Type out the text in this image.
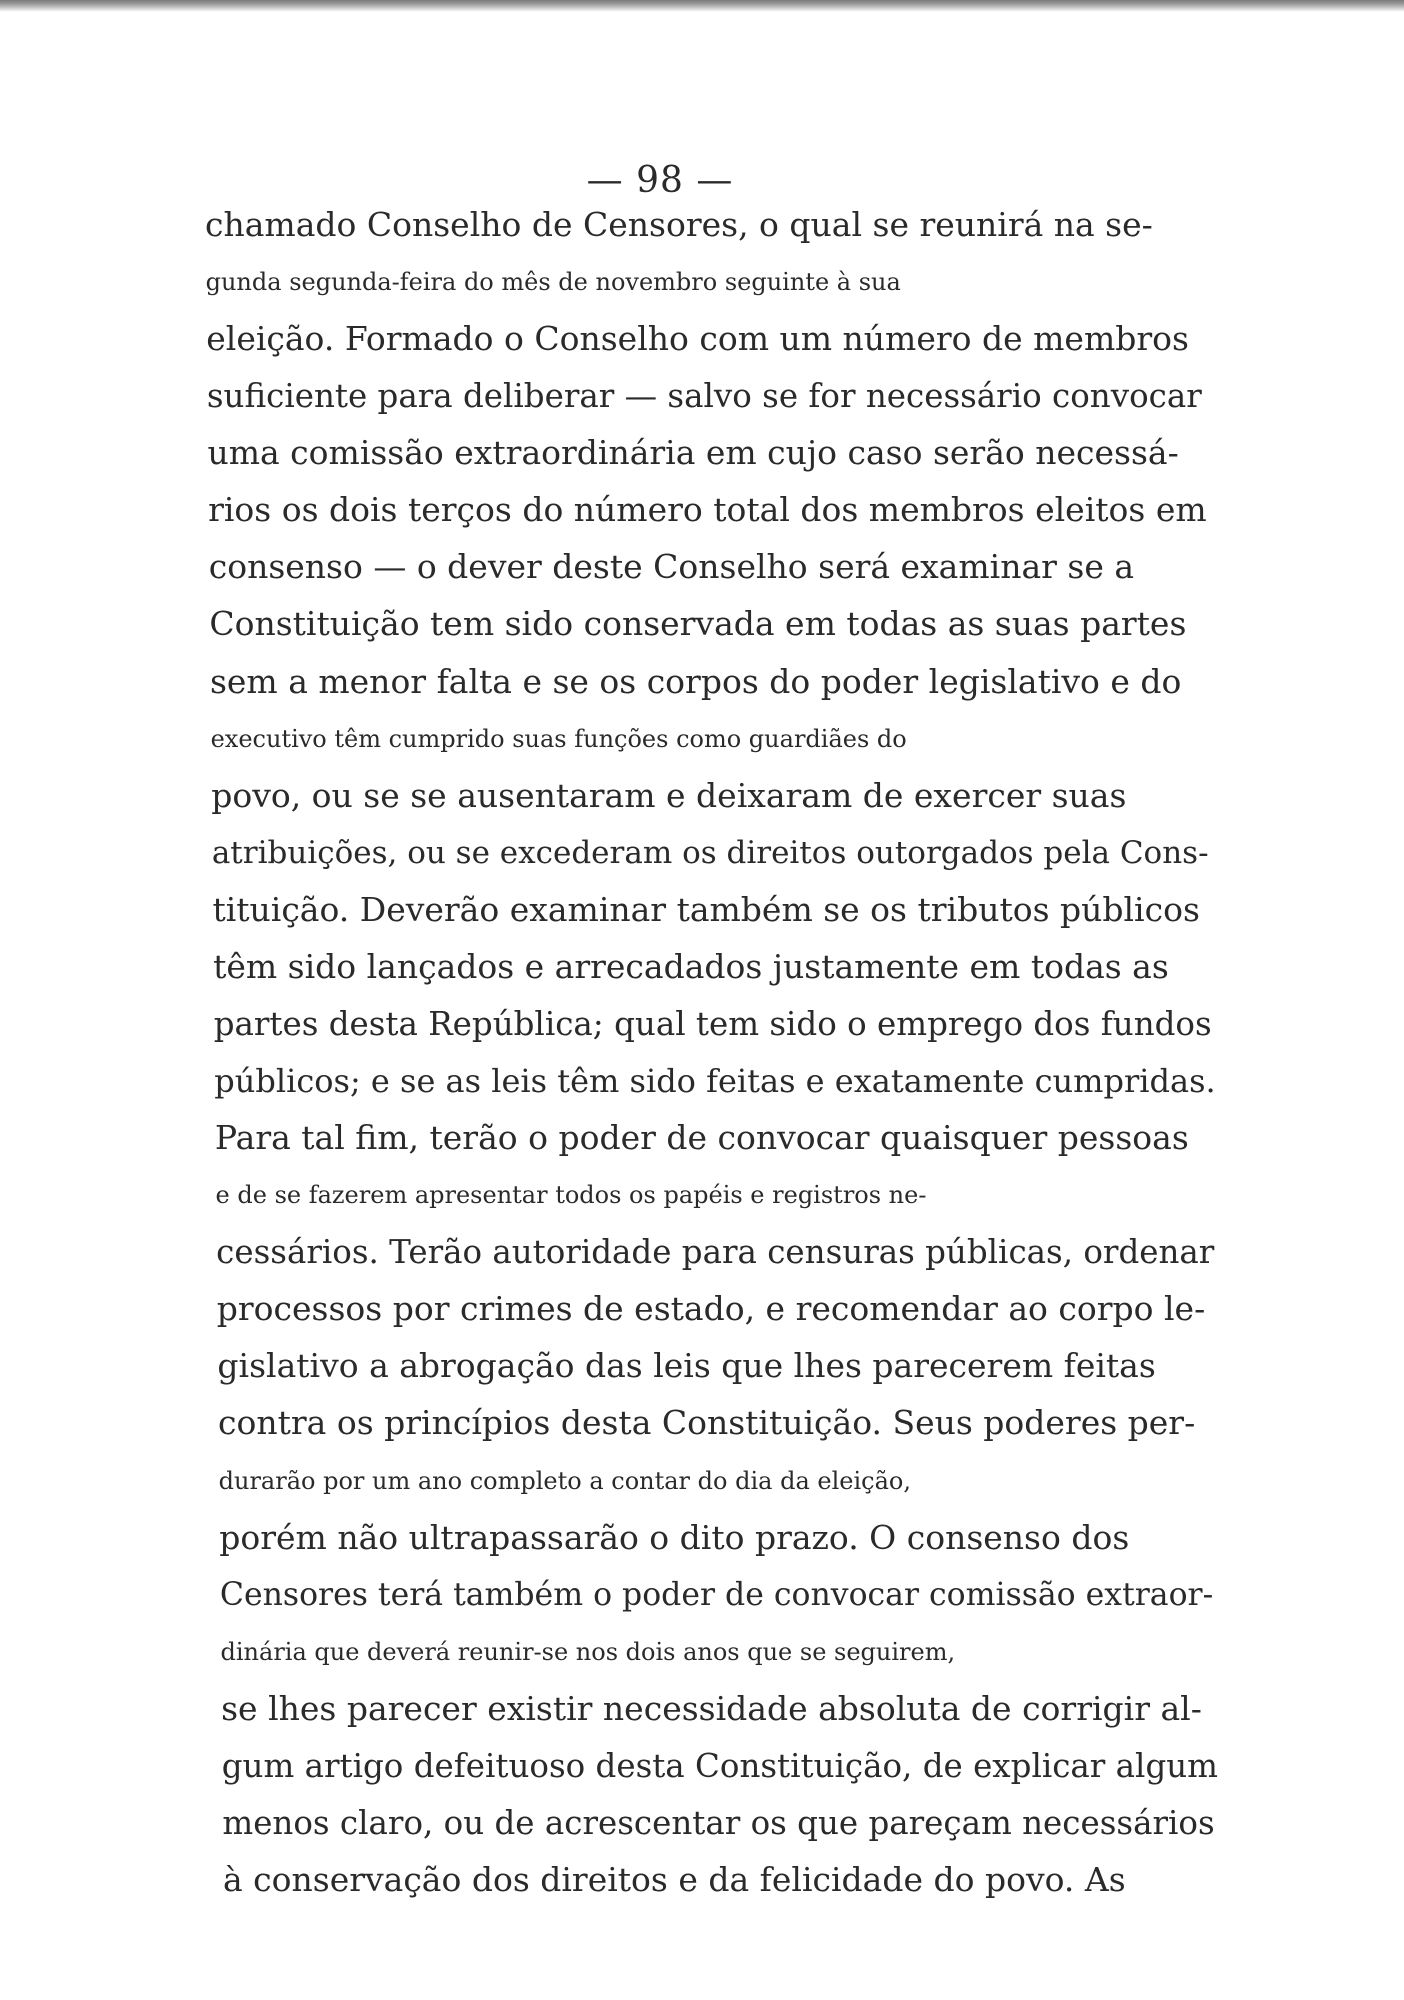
— 98 —
chamado Conselho de Censores, o qual se reunirá na se-
gunda segunda-feira do mês de novembro seguinte à sua
eleição. Formado o Conselho com um número de membros
suficiente para deliberar — salvo se for necessário convocar
uma comissão extraordinária em cujo caso serão necessá-
rios os dois terços do número total dos membros eleitos em
consenso — o dever deste Conselho será examinar se a
Constituição tem sido conservada em todas as suas partes
sem a menor falta e se os corpos do poder legislativo e do
executivo têm cumprido suas funções como guardiães do
povo, ou se se ausentaram e deixaram de exercer suas
atribuições, ou se excederam os direitos outorgados pela Cons-
tituição. Deverão examinar também se os tributos públicos
têm sido lançados e arrecadados justamente em todas as
partes desta República; qual tem sido o emprego dos fundos
públicos; e se as leis têm sido feitas e exatamente cumpridas.
Para tal fim, terão o poder de convocar quaisquer pessoas
e de se fazerem apresentar todos os papéis e registros ne-
cessários. Terão autoridade para censuras públicas, ordenar
processos por crimes de estado, e recomendar ao corpo le-
gislativo a abrogação das leis que lhes parecerem feitas
contra os princípios desta Constituição. Seus poderes per-
durarão por um ano completo a contar do dia da eleição,
porém não ultrapassarão o dito prazo. O consenso dos
Censores terá também o poder de convocar comissão extraor-
dinária que deverá reunir-se nos dois anos que se seguirem,
se lhes parecer existir necessidade absoluta de corrigir al-
gum artigo defeituoso desta Constituição, de explicar algum
menos claro, ou de acrescentar os que pareçam necessários
à conservação dos direitos e da felicidade do povo. As
